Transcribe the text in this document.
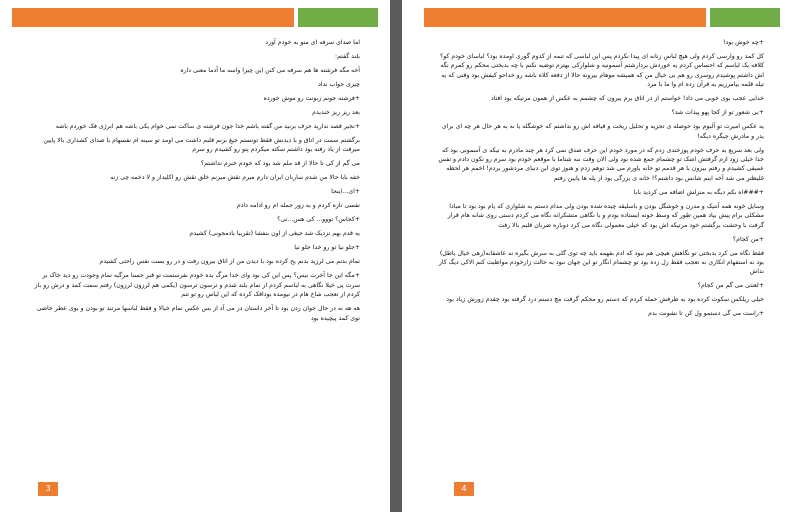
اما صدای سرفه ای منو به خودم آورد

بلند گفتم:

آخه مگه فرشته ها هم سرفه می کنن این چیزا واسه ما آدما معنی داره

چیزی جواب نداد

+فرشته جونم زبونت رو موش خورده

بعد ریز ریز خندیدم

+نخیر قصد ندارید حرف بزنید من گفته باشم خدا جون فرشته ی ساکت نمی خوام یکی باشه هم انرژی فک خوردم باشه

برگشتم سمت در اتاق و با دیدنش فقط تونستم جیغ بزنم قلبم داشت می اومد تو سینه ام نفسهام با صدای کشداری بالا پایین میرفت از یاد رفته بود داشتم سکته میکردم پتو رو کشیدم رو سرم

می گم از کی تا حالا از قد ملم شد بود که خودم خبرم نداشتم؟

خفه بابا حالا من شدم ساربان ایران دارم میرم نقش میزنم خلق نقش رو اکلیدار و لا دخمه چی زنه

+ای...اینجا

نفسی تازه کردم و به زور جمله ام رو ادامه دادم

+کجاس؟ تووو... کی هس...تی؟

یه قدم بهم نزدیک شد جیغی از اون بنفشا (تقریبا بادمجونی) کشیدم

+جلو نیا تو رو خدا جلو نیا

تمام بدنم می لرزید بدنم یخ کرده بود با دیدن من از اتاق بیرون رفت و در رو بست نفس راحتی کشیدم

+مگه این جا آخرت نیس؟ پس این کی بود وای خدا مرگ بده خودم نفرستمت تو قبر حسنا مرگیه تمام وجودت رو دید خاک بر سرت پی خیلا نگاهی به لباسم کردم از تمام بلند شدم و ترسون ترسون (یکمی هم لرزون لرزون) رفتم سمت کمد و درش رو باز کردم از تعجب شاخ هام در نیومده بوداقک کرده که این لباس رو تو تنم

هه هه نه در حال جوان زدن بود تا آخر داستان در می آد از بس عکس تمام خیالا و فقط لباسها مرتبد تو بودن و بوی عطر خاصی توی کمد پیچیده بود

3

+چه خوش بود!

کل کمد رو وارسی کردم ولی هیچ لباس زنانه ای پیدا نکردم پس این لباسی که تنمه از کدوم گوری اومده بود؟ لباسای خودم کو؟ کلافه یک لباسم که احساس کردم یه خوردش بردارشتم آسمونیه و شلوارکی بهترم توضیه نکنم با چه بدبختی محکم رو کمرم نگه اش داشتم پوشیدم روسری رو هم بی خیال من که همیشه موهام بیرونه حالا از دفعه کلاه باشه رو خداحو کیفش بود وقتی که یه تیله قلمه بیامرزیم یه قرآن زده ام وا ما با مرد

خدایی عجب بوی خوبی می داد! خواستم از در اتاق برم بیرون که چشمم به عکس از همون مرتیکه بود افتاد

+بی شعور تو از کجا پهو پیدات شد؟

یه عکس امیرت تو آلبوم بود حوصله ی تجزیه و تحلیل ریخت و قیافه اش رو نداشتم که خوشگله یا نه به هر حال هر چه ای برای یدر و مادرش جیگره دیگه!

ولی بعد سریع به حرف خودم پوزخندی زدم که در مورد خودم این حرف صدق نمی کرد هر چند مادرم به تیکه ی آسمونی بود که خدا خیلی زود ازم گرفتش اشک تو چشمام جمع شده بود ولی الان وقت ننه شتاما با موقعم خودم بود سرم رو تکون دادم و نفس عمیقی کشیدم و رفتم بیرون با هر قدمم تو خانه باورم می شد توهم زدم و هنوز توی این دنیای مردشور بردم! اخمم هر لحظه غلیظتر می شد آخه اینم شانس بود داشتم؟! خانه ی بزرگی بود از پله ها پایین رفتم

+###اه بکم دیگه به منزلش اضافه می کردید بابا

وسایل خونه همه آنتیک و مدرن و خوشگل بودن و باسلیقه چیده شده بودن ولی مدام دستم به شلواری که پام بود بود تا مبادا مشکلی برام پیش بیاد همین طور که وسط خونه ایستاده بودم و با نگاهی متشکرانه نگاه می کردم دستی روی شانه هام قرار گرفت با وحشت برگشتم خود مرتیکه اش بود که خیلی معمولی نگاه می کرد دوباره ضربان قلبم بالا رفت

+من کجام؟

فقط نگاه می کرد بدبختی تو نگاهش هیچی هم نبود که ادم بفهمه باید چه توی گلی به سرش بگیره نه عاشقانه(زهی خیال باطل) بود نه استفهام انکاری نه تعجب فقط زل زده بود تو چشمام انگار تو این جهان نبود به حالت زارخودم مواظبت کنم الاکی دیگ کار نداش

+لعنتی می گم من کجام؟

خیلی ریلکس سکوت کرده بود به طرفش حمله کردم که دستم رو محکم گرفت مچ دستم درد گرفته بود چقدم زورش زیاد بود

+راست می گی دستمو ول کن تا نشونت بدم

4
